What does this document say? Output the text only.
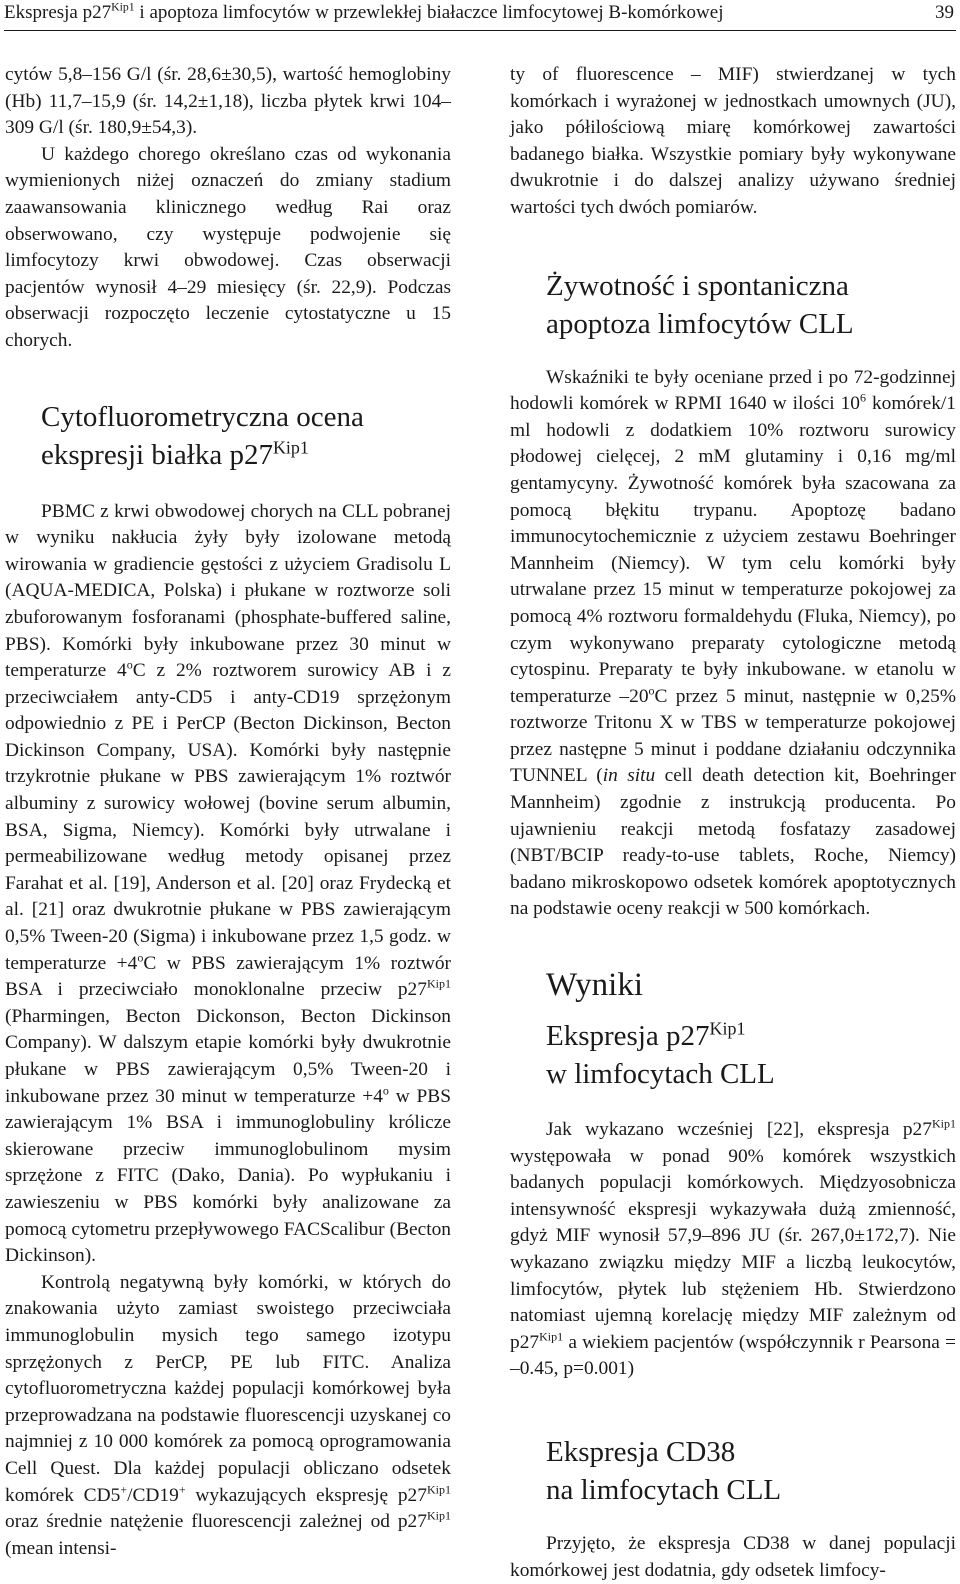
Ekspresja $p27^{Kip1}$ i apoptoza limfocytów w przewlekłej białaczce limfocytowej B-komórkowej	39

cytów 5,8–156 G/l (śr. 28,6±30,5), wartość hemoglobiny (Hb) 11,7–15,9 (śr. 14,2±1,18), liczba płytek krwi 104–309 G/l (śr. 180,9±54,3).

U każdego chorego określano czas od wykonania wymienionych niżej oznaczeń do zmiany stadium zaawansowania klinicznego według Rai oraz obserwowano, czy występuje podwojenie się limfocytozy krwi obwodowej. Czas obserwacji pacjentów wynosił 4–29 miesięcy (śr. 22,9). Podczas obserwacji rozpoczęto leczenie cytostatyczne u 15 chorych.

Cytofluorometryczna ocena
ekspresji białka $p27^{Kip1}$

PBMC z krwi obwodowej chorych na CLL pobranej w wyniku nakłucia żyły były izolowane metodą wirowania w gradiencie gęstości z użyciem Gradisolu L (AQUA-MEDICA, Polska) i płukane w roztworze soli zbuforowanym fosforanami (phosphate-buffered saline, PBS). Komórki były inkubowane przez 30 minut w temperaturze 4$^o$C z 2% roztworem surowicy AB i z przeciwciałem anty-CD5 i anty-CD19 sprzężonym odpowiednio z PE i PerCP (Becton Dickinson, Becton Dickinson Company, USA). Komórki były następnie trzykrotnie płukane w PBS zawierającym 1% roztwór albuminy z surowicy wołowej (bovine serum albumin, BSA, Sigma, Niemcy). Komórki były utrwalane i permeabilizowane według metody opisanej przez Farahat et al. [19], Anderson et al. [20] oraz Frydecką et al. [21] oraz dwukrotnie płukane w PBS zawierającym 0,5% Tween-20 (Sigma) i inkubowane przez 1,5 godz. w temperaturze $+4^oC$ w PBS zawierającym 1% roztwór BSA i przeciwciało monoklonalne przeciw $p27^{Kip1}$ (Pharmingen, Becton Dickonson, Becton Dickinson Company). W dalszym etapie komórki były dwukrotnie płukane w PBS zawierającym 0,5% Tween-20 i inkubowane przez 30 minut w temperaturze $+4^o$ w PBS zawierającym 1% BSA i immunoglobuliny królicze skierowane przeciw immunoglobulinom mysim sprzężone z FITC (Dako, Dania). Po wypłukaniu i zawieszeniu w PBS komórki były analizowane za pomocą cytometru przepływowego FACScalibur (Becton Dickinson).

Kontrolą negatywną były komórki, w których do znakowania użyto zamiast swoistego przeciwciała immunoglobulin mysich tego samego izotypu sprzężonych z PerCP, PE lub FITC. Analiza cytofluorometryczna każdej populacji komórkowej była przeprowadzana na podstawie fluorescencji uzyskanej co najmniej z 10 000 komórek za pomocą oprogramowania Cell Quest. Dla każdej populacji obliczano odsetek komórek CD5+/CD19+ wykazujących ekspresję $p27^{Kip1}$ oraz średnie natężenie fluorescencji zależnej od $p27^{Kip1}$ (mean intensi-

ty of fluorescence – MIF) stwierdzanej w tych komórkach i wyrażonej w jednostkach umownych (JU), jako półilościową miarę komórkowej zawartości badanego białka. Wszystkie pomiary były wykonywane dwukrotnie i do dalszej analizy używano średniej wartości tych dwóch pomiarów.

Żywotność i spontaniczna
apoptoza limfocytów CLL

Wskaźniki te były oceniane przed i po 72-godzinnej hodowli komórek w RPMI 1640 w ilości $10^6$ komórek/1 ml hodowli z dodatkiem 10% roztworu surowicy płodowej cielęcej, 2 mM glutaminy i 0,16 mg/ml gentamycyny. Żywotność komórek była szacowana za pomocą błękitu trypanu. Apoptozę badano immunocytochemicznie z użyciem zestawu Boehringer Mannheim (Niemcy). W tym celu komórki były utrwalane przez 15 minut w temperaturze pokojowej za pomocą 4% roztworu formaldehydu (Fluka, Niemcy), po czym wykonywano preparaty cytologiczne metodą cytospinu. Preparaty te były inkubowane. w etanolu w temperaturze –20$^o$C przez 5 minut, następnie w 0,25% roztworze Tritonu X w TBS w temperaturze pokojowej przez następne 5 minut i poddane działaniu odczynnika TUNNEL (in situ cell death detection kit, Boehringer Mannheim) zgodnie z instrukcją producenta. Po ujawnieniu reakcji metodą fosfatazy zasadowej (NBT/BCIP ready-to-use tablets, Roche, Niemcy) badano mikroskopowo odsetek komórek apoptotycznych na podstawie oceny reakcji w 500 komórkach.

Wyniki
Ekspresja $p27^{Kip1}$
w limfocytach CLL

Jak wykazano wcześniej [22], ekspresja $p27^{Kip1}$ występowała w ponad 90% komórek wszystkich badanych populacji komórkowych. Międzyosobnicza intensywność ekspresji wykazywała dużą zmienność, gdyż MIF wynosił 57,9–896 JU (śr. 267,0±172,7). Nie wykazano związku między MIF a liczbą leukocytów, limfocytów, płytek lub stężeniem Hb. Stwierdzono natomiast ujemną korelację między MIF zależnym od $p27^{Kip1}$ a wiekiem pacjentów (współczynnik r Pearsona = –0.45, p=0.001)

Ekspresja CD38
na limfocytach CLL

Przyjęto, że ekspresja CD38 w danej populacji komórkowej jest dodatnia, gdy odsetek limfocy-
